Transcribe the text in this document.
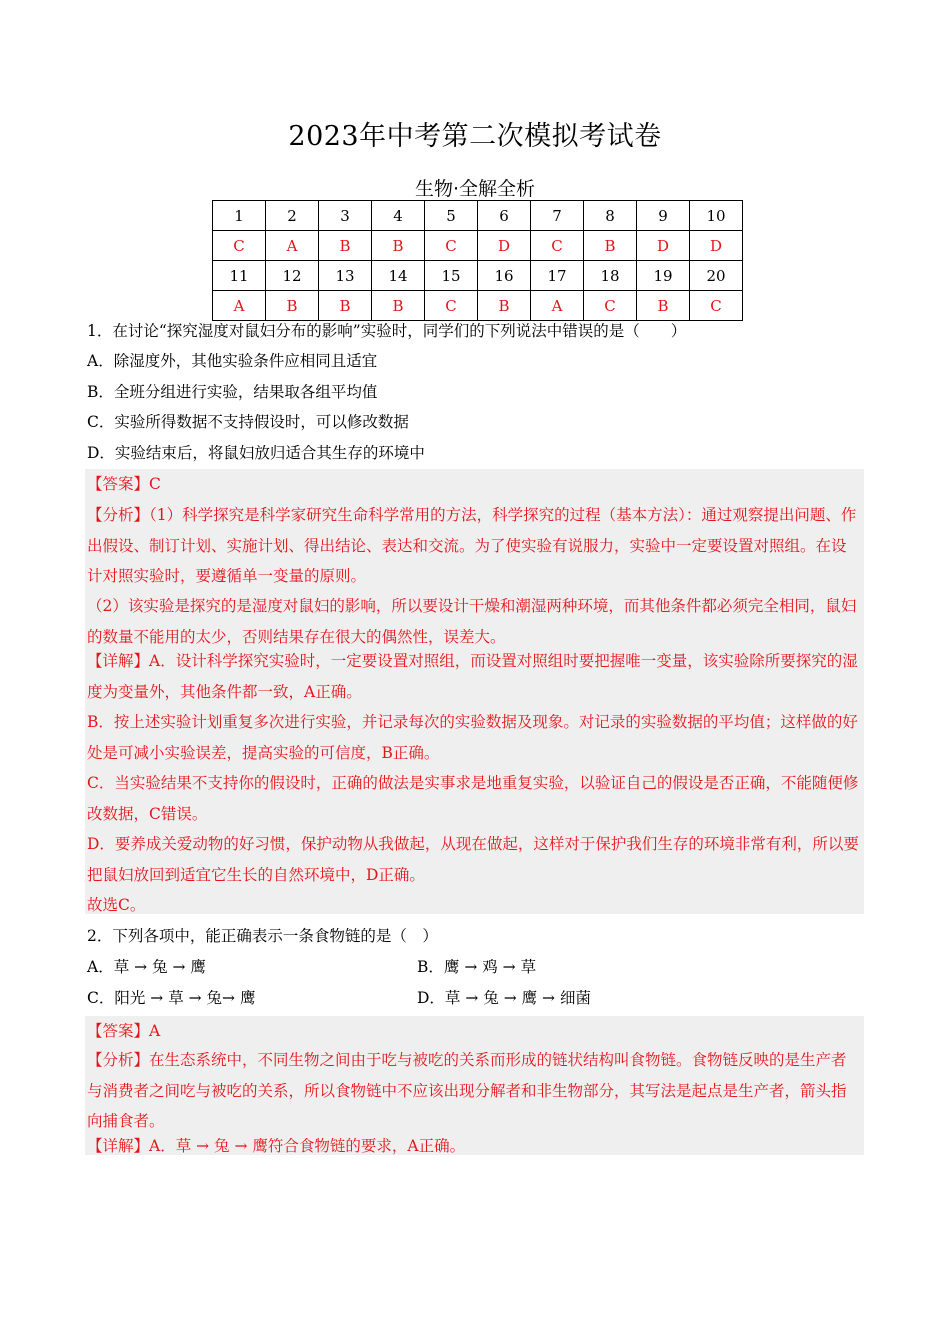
2023年中考第二次模拟考试卷
生物·全解全析
1	2	3	4	5	6	7	8	9	10
C	A	B	B	C	D	C	B	D	D
11	12	13	14	15	16	17	18	19	20
A	B	B	B	C	B	A	C	B	C
1．在讨论“探究湿度对鼠妇分布的影响”实验时，同学们的下列说法中错误的是（　　）
A．除湿度外，其他实验条件应相同且适宜
B．全班分组进行实验，结果取各组平均值
C．实验所得数据不支持假设时，可以修改数据
D．实验结束后，将鼠妇放归适合其生存的环境中
【答案】C
【分析】（1）科学探究是科学家研究生命科学常用的方法，科学探究的过程（基本方法）：通过观察提出问题、作出假设、制订计划、实施计划、得出结论、表达和交流。为了使实验有说服力，实验中一定要设置对照组。在设计对照实验时，要遵循单一变量的原则。
（2）该实验是探究的是湿度对鼠妇的影响，所以要设计干燥和潮湿两种环境，而其他条件都必须完全相同，鼠妇的数量不能用的太少，否则结果存在很大的偶然性，误差大。
【详解】A．设计科学探究实验时，一定要设置对照组，而设置对照组时要把握唯一变量，该实验除所要探究的湿度为变量外，其他条件都一致，A正确。
B．按上述实验计划重复多次进行实验，并记录每次的实验数据及现象。对记录的实验数据的平均值；这样做的好处是可减小实验误差，提高实验的可信度，B正确。
C．当实验结果不支持你的假设时，正确的做法是实事求是地重复实验，以验证自己的假设是否正确，不能随便修改数据，C错误。
D．要养成关爱动物的好习惯，保护动物从我做起，从现在做起，这样对于保护我们生存的环境非常有利，所以要把鼠妇放回到适宜它生长的自然环境中，D正确。
故选C。
2．下列各项中，能正确表示一条食物链的是（　）
A．草 → 兔 → 鹰	B．鹰 → 鸡 → 草
C．阳光 → 草 → 兔→ 鹰	D．草 → 兔 → 鹰 → 细菌
【答案】A
【分析】在生态系统中，不同生物之间由于吃与被吃的关系而形成的链状结构叫食物链。食物链反映的是生产者与消费者之间吃与被吃的关系，所以食物链中不应该出现分解者和非生物部分，其写法是起点是生产者，箭头指向捕食者。
【详解】A．草 → 兔 → 鹰符合食物链的要求，A正确。
